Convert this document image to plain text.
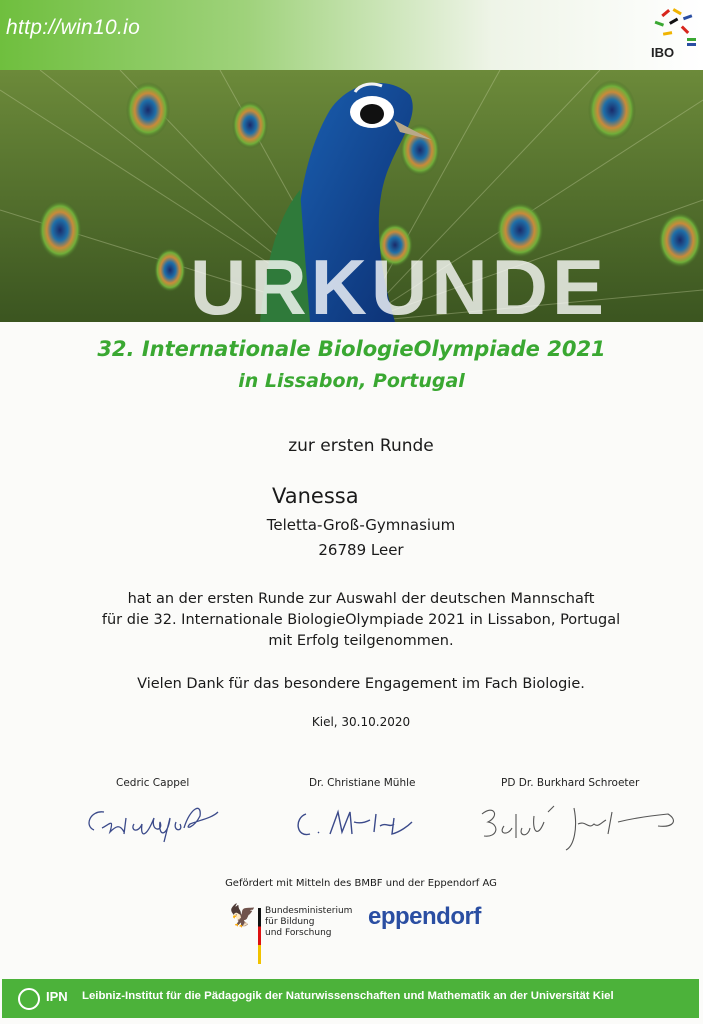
http://win10.io
IBO
URKUNDE
32. Internationale BiologieOlympiade 2021
in Lissabon, Portugal
zur ersten Runde
Vanessa
Teletta-Groß-Gymnasium
26789 Leer
hat an der ersten Runde zur Auswahl der deutschen Mannschaft
für die 32. Internationale BiologieOlympiade 2021 in Lissabon, Portugal
mit Erfolg teilgenommen.
Vielen Dank für das besondere Engagement im Fach Biologie.
Kiel, 30.10.2020
Cedric Cappel	Dr. Christiane Mühle	PD Dr. Burkhard Schroeter
Gefördert mit Mitteln des BMBF und der Eppendorf AG
🦅 Bundesministerium
für Bildung
und Forschung
eppendorf
IPN Leibniz-Institut für die Pädagogik der Naturwissenschaften und Mathematik an der Universität Kiel
